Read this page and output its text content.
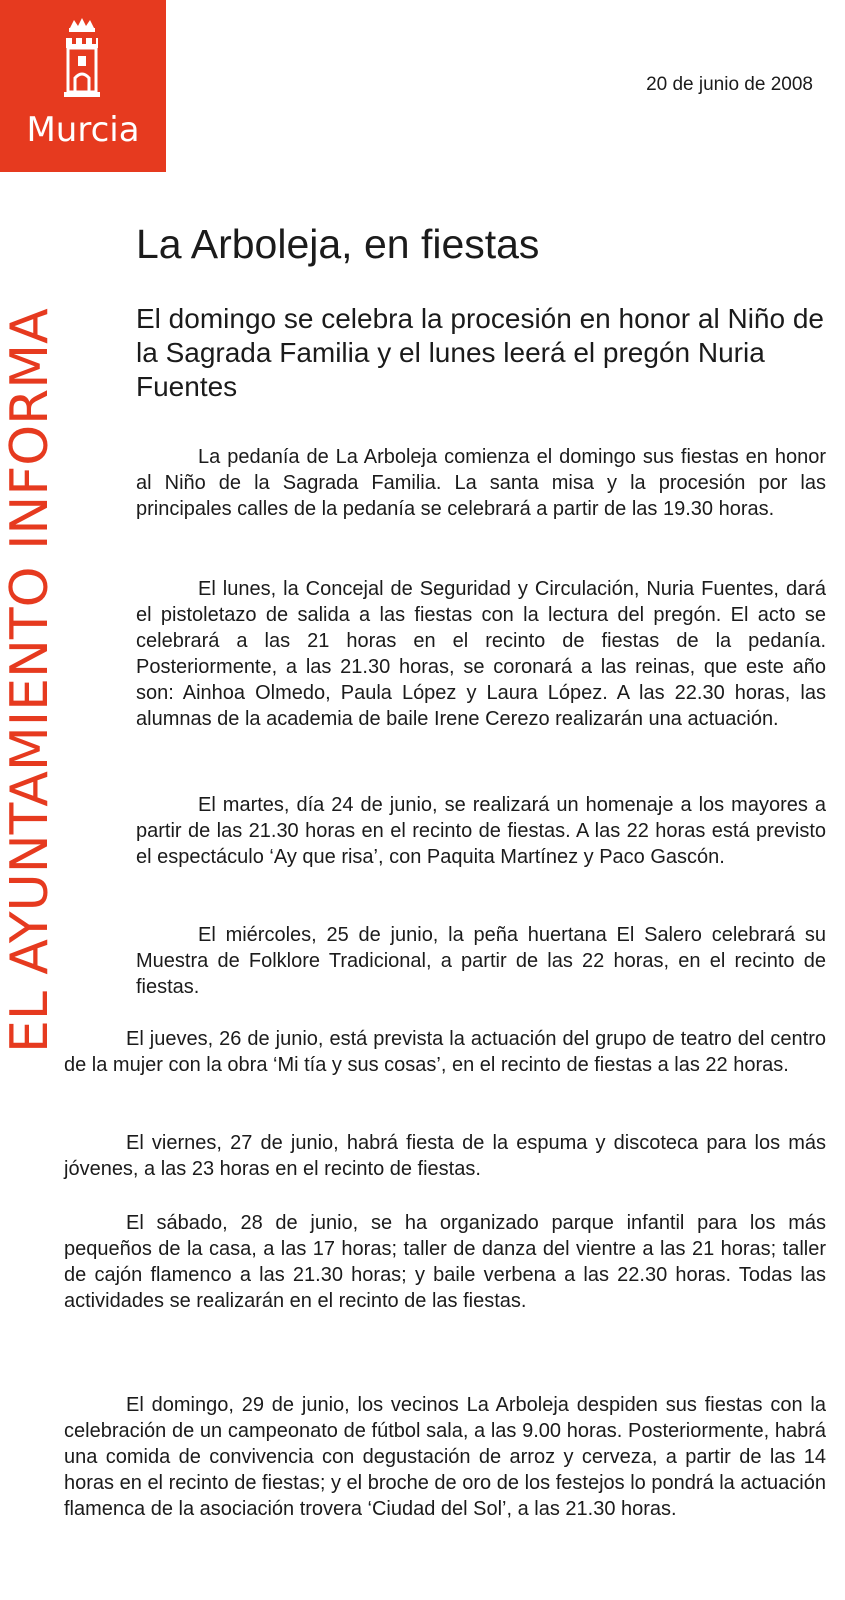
Murcia
EL AYUNTAMIENTO INFORMA
20 de junio de 2008
La Arboleja, en fiestas
El domingo se celebra la procesión en honor al Niño de la Sagrada Familia y el lunes leerá el pregón Nuria Fuentes

La pedanía de La Arboleja comienza el domingo sus fiestas en honor al Niño de la Sagrada Familia. La santa misa y la procesión por las principales calles de la pedanía se celebrará a partir de las 19.30 horas.

El lunes, la Concejal de Seguridad y Circulación, Nuria Fuentes, dará el pistoletazo de salida a las fiestas con la lectura del pregón. El acto se celebrará a las 21 horas en el recinto de fiestas de la pedanía. Posteriormente, a las 21.30 horas, se coronará a las reinas, que este año son: Ainhoa Olmedo, Paula López y Laura López. A las 22.30 horas, las alumnas de la academia de baile Irene Cerezo realizarán una actuación.

El martes, día 24 de junio, se realizará un homenaje a los mayores a partir de las 21.30 horas en el recinto de fiestas. A las 22 horas está previsto el espectáculo ‘Ay que risa’, con Paquita Martínez y Paco Gascón.

El miércoles, 25 de junio, la peña huertana El Salero celebrará su Muestra de Folklore Tradicional, a partir de las 22 horas, en el recinto de fiestas.

El jueves, 26 de junio, está prevista la actuación del grupo de teatro del centro de la mujer con la obra ‘Mi tía y sus cosas’, en el recinto de fiestas a las 22 horas.

El viernes, 27 de junio, habrá fiesta de la espuma y discoteca para los más jóvenes, a las 23 horas en el recinto de fiestas.

El sábado, 28 de junio, se ha organizado parque infantil para los más pequeños de la casa, a las 17 horas; taller de danza del vientre a las 21 horas; taller de cajón flamenco a las 21.30 horas; y baile verbena a las 22.30 horas. Todas las actividades se realizarán en el recinto de las fiestas.

El domingo, 29 de junio, los vecinos La Arboleja despiden sus fiestas con la celebración de un campeonato de fútbol sala, a las 9.00 horas. Posteriormente, habrá una comida de convivencia con degustación de arroz y cerveza, a partir de las 14 horas en el recinto de fiestas; y el broche de oro de los festejos lo pondrá la actuación flamenca de la asociación trovera ‘Ciudad del Sol’, a las 21.30 horas.
